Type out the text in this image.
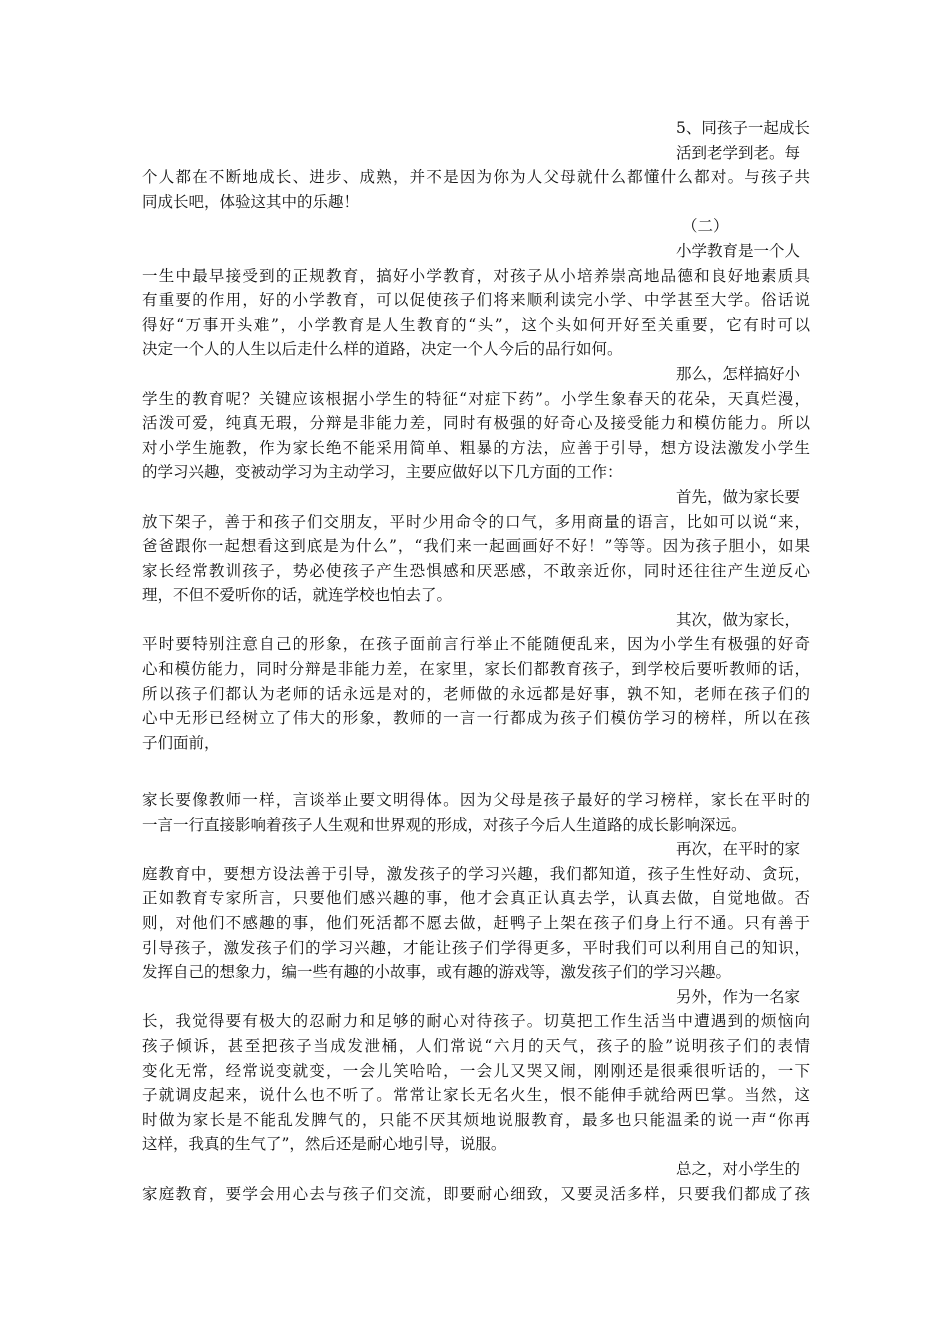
5、同孩子一起成长
活到老学到老。每
个人都在不断地成长、进步、成熟，并不是因为你为人父母就什么都懂什么都对。与孩子共
同成长吧，体验这其中的乐趣！
（二）
小学教育是一个人
一生中最早接受到的正规教育，搞好小学教育，对孩子从小培养崇高地品德和良好地素质具
有重要的作用，好的小学教育，可以促使孩子们将来顺利读完小学、中学甚至大学。俗话说
得好“万事开头难”，小学教育是人生教育的“头”，这个头如何开好至关重要，它有时可以
决定一个人的人生以后走什么样的道路，决定一个人今后的品行如何。
那么，怎样搞好小
学生的教育呢？关键应该根据小学生的特征“对症下药”。小学生象春天的花朵，天真烂漫，
活泼可爱，纯真无瑕，分辩是非能力差，同时有极强的好奇心及接受能力和模仿能力。所以
对小学生施教，作为家长绝不能采用简单、粗暴的方法，应善于引导，想方设法激发小学生
的学习兴趣，变被动学习为主动学习，主要应做好以下几方面的工作：
首先，做为家长要
放下架子，善于和孩子们交朋友，平时少用命令的口气，多用商量的语言，比如可以说“来，
爸爸跟你一起想看这到底是为什么”，“我们来一起画画好不好！”等等。因为孩子胆小，如果
家长经常教训孩子，势必使孩子产生恐惧感和厌恶感，不敢亲近你，同时还往往产生逆反心
理，不但不爱听你的话，就连学校也怕去了。
其次，做为家长，
平时要特别注意自己的形象，在孩子面前言行举止不能随便乱来，因为小学生有极强的好奇
心和模仿能力，同时分辩是非能力差，在家里，家长们都教育孩子，到学校后要听教师的话，
所以孩子们都认为老师的话永远是对的，老师做的永远都是好事，孰不知，老师在孩子们的
心中无形已经树立了伟大的形象，教师的一言一行都成为孩子们模仿学习的榜样，所以在孩
子们面前，
家长要像教师一样，言谈举止要文明得体。因为父母是孩子最好的学习榜样，家长在平时的
一言一行直接影响着孩子人生观和世界观的形成，对孩子今后人生道路的成长影响深远。
再次，在平时的家
庭教育中，要想方设法善于引导，激发孩子的学习兴趣，我们都知道，孩子生性好动、贪玩，
正如教育专家所言，只要他们感兴趣的事，他才会真正认真去学，认真去做，自觉地做。否
则，对他们不感趣的事，他们死活都不愿去做，赶鸭子上架在孩子们身上行不通。只有善于
引导孩子，激发孩子们的学习兴趣，才能让孩子们学得更多，平时我们可以利用自己的知识，
发挥自己的想象力，编一些有趣的小故事，或有趣的游戏等，激发孩子们的学习兴趣。
另外，作为一名家
长，我觉得要有极大的忍耐力和足够的耐心对待孩子。切莫把工作生活当中遭遇到的烦恼向
孩子倾诉，甚至把孩子当成发泄桶，人们常说“六月的天气，孩子的脸”说明孩子们的表情
变化无常，经常说变就变，一会儿笑哈哈，一会儿又哭又闹，刚刚还是很乘很听话的，一下
子就调皮起来，说什么也不听了。常常让家长无名火生，恨不能伸手就给两巴掌。当然，这
时做为家长是不能乱发脾气的，只能不厌其烦地说服教育，最多也只能温柔的说一声“你再
这样，我真的生气了”，然后还是耐心地引导，说服。
总之，对小学生的
家庭教育，要学会用心去与孩子们交流，即要耐心细致，又要灵活多样，只要我们都成了孩
